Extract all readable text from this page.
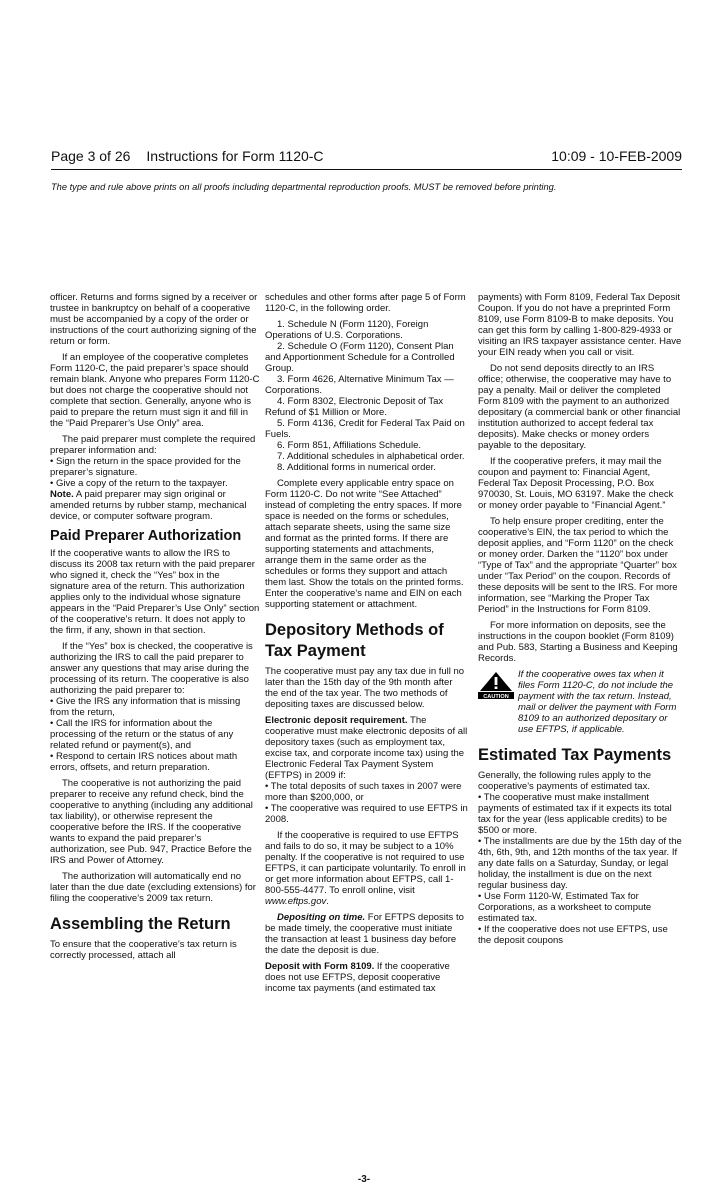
Page 3 of 26 Instructions for Form 1120-C	10:09 - 10-FEB-2009
The type and rule above prints on all proofs including departmental reproduction proofs. MUST be removed before printing.

officer. Returns and forms signed by a receiver or trustee in bankruptcy on behalf of a cooperative must be accompanied by a copy of the order or instructions of the court authorizing signing of the return or form.

If an employee of the cooperative completes Form 1120-C, the paid preparer’s space should remain blank. Anyone who prepares Form 1120-C but does not charge the cooperative should not complete that section. Generally, anyone who is paid to prepare the return must sign it and fill in the “Paid Preparer’s Use Only” area.

The paid preparer must complete the required preparer information and:

• Sign the return in the space provided for the preparer’s signature.

• Give a copy of the return to the taxpayer.

Note. A paid preparer may sign original or amended returns by rubber stamp, mechanical device, or computer software program.

Paid Preparer Authorization

If the cooperative wants to allow the IRS to discuss its 2008 tax return with the paid preparer who signed it, check the “Yes” box in the signature area of the return. This authorization applies only to the individual whose signature appears in the “Paid Preparer’s Use Only” section of the cooperative’s return. It does not apply to the firm, if any, shown in that section.

If the “Yes” box is checked, the cooperative is authorizing the IRS to call the paid preparer to answer any questions that may arise during the processing of its return. The cooperative is also authorizing the paid preparer to:

• Give the IRS any information that is missing from the return,

• Call the IRS for information about the processing of the return or the status of any related refund or payment(s), and

• Respond to certain IRS notices about math errors, offsets, and return preparation.

The cooperative is not authorizing the paid preparer to receive any refund check, bind the cooperative to anything (including any additional tax liability), or otherwise represent the cooperative before the IRS. If the cooperative wants to expand the paid preparer’s authorization, see Pub. 947, Practice Before the IRS and Power of Attorney.

The authorization will automatically end no later than the due date (excluding extensions) for filing the cooperative’s 2009 tax return.

Assembling the Return

To ensure that the cooperative’s tax return is correctly processed, attach all

schedules and other forms after page 5 of Form 1120-C, in the following order.

1. Schedule N (Form 1120), Foreign Operations of U.S. Corporations.

2. Schedule O (Form 1120), Consent Plan and Apportionment Schedule for a Controlled Group.

3. Form 4626, Alternative Minimum Tax — Corporations.

4. Form 8302, Electronic Deposit of Tax Refund of $1 Million or More.

5. Form 4136, Credit for Federal Tax Paid on Fuels.

6. Form 851, Affiliations Schedule.

7. Additional schedules in alphabetical order.

8. Additional forms in numerical order.

Complete every applicable entry space on Form 1120-C. Do not write “See Attached” instead of completing the entry spaces. If more space is needed on the forms or schedules, attach separate sheets, using the same size and format as the printed forms. If there are supporting statements and attachments, arrange them in the same order as the schedules or forms they support and attach them last. Show the totals on the printed forms. Enter the cooperative’s name and EIN on each supporting statement or attachment.

Depository Methods of Tax Payment

The cooperative must pay any tax due in full no later than the 15th day of the 9th month after the end of the tax year. The two methods of depositing taxes are discussed below.

Electronic deposit requirement. The cooperative must make electronic deposits of all depository taxes (such as employment tax, excise tax, and corporate income tax) using the Electronic Federal Tax Payment System (EFTPS) in 2009 if:

• The total deposits of such taxes in 2007 were more than $200,000, or

• The cooperative was required to use EFTPS in 2008.

If the cooperative is required to use EFTPS and fails to do so, it may be subject to a 10% penalty. If the cooperative is not required to use EFTPS, it can participate voluntarily. To enroll in or get more information about EFTPS, call 1-800-555-4477. To enroll online, visit www.eftps.gov.

Depositing on time. For EFTPS deposits to be made timely, the cooperative must initiate the transaction at least 1 business day before the date the deposit is due.

Deposit with Form 8109. If the cooperative does not use EFTPS, deposit cooperative income tax payments (and estimated tax

payments) with Form 8109, Federal Tax Deposit Coupon. If you do not have a preprinted Form 8109, use Form 8109-B to make deposits. You can get this form by calling 1-800-829-4933 or visiting an IRS taxpayer assistance center. Have your EIN ready when you call or visit.

Do not send deposits directly to an IRS office; otherwise, the cooperative may have to pay a penalty. Mail or deliver the completed Form 8109 with the payment to an authorized depositary (a commercial bank or other financial institution authorized to accept federal tax deposits). Make checks or money orders payable to the depositary.

If the cooperative prefers, it may mail the coupon and payment to: Financial Agent, Federal Tax Deposit Processing, P.O. Box 970030, St. Louis, MO 63197. Make the check or money order payable to “Financial Agent.”

To help ensure proper crediting, enter the cooperative’s EIN, the tax period to which the deposit applies, and “Form 1120” on the check or money order. Darken the “1120” box under “Type of Tax” and the appropriate “Quarter” box under “Tax Period” on the coupon. Records of these deposits will be sent to the IRS. For more information, see “Marking the Proper Tax Period” in the Instructions for Form 8109.

For more information on deposits, see the instructions in the coupon booklet (Form 8109) and Pub. 583, Starting a Business and Keeping Records.

CAUTION
If the cooperative owes tax when it files Form 1120-C, do not include the payment with the tax return. Instead, mail or deliver the payment with Form 8109 to an authorized depositary or use EFTPS, if applicable.
Estimated Tax Payments

Generally, the following rules apply to the cooperative’s payments of estimated tax.

• The cooperative must make installment payments of estimated tax if it expects its total tax for the year (less applicable credits) to be $500 or more.

• The installments are due by the 15th day of the 4th, 6th, 9th, and 12th months of the tax year. If any date falls on a Saturday, Sunday, or legal holiday, the installment is due on the next regular business day.

• Use Form 1120-W, Estimated Tax for Corporations, as a worksheet to compute estimated tax.

• If the cooperative does not use EFTPS, use the deposit coupons

-3-
